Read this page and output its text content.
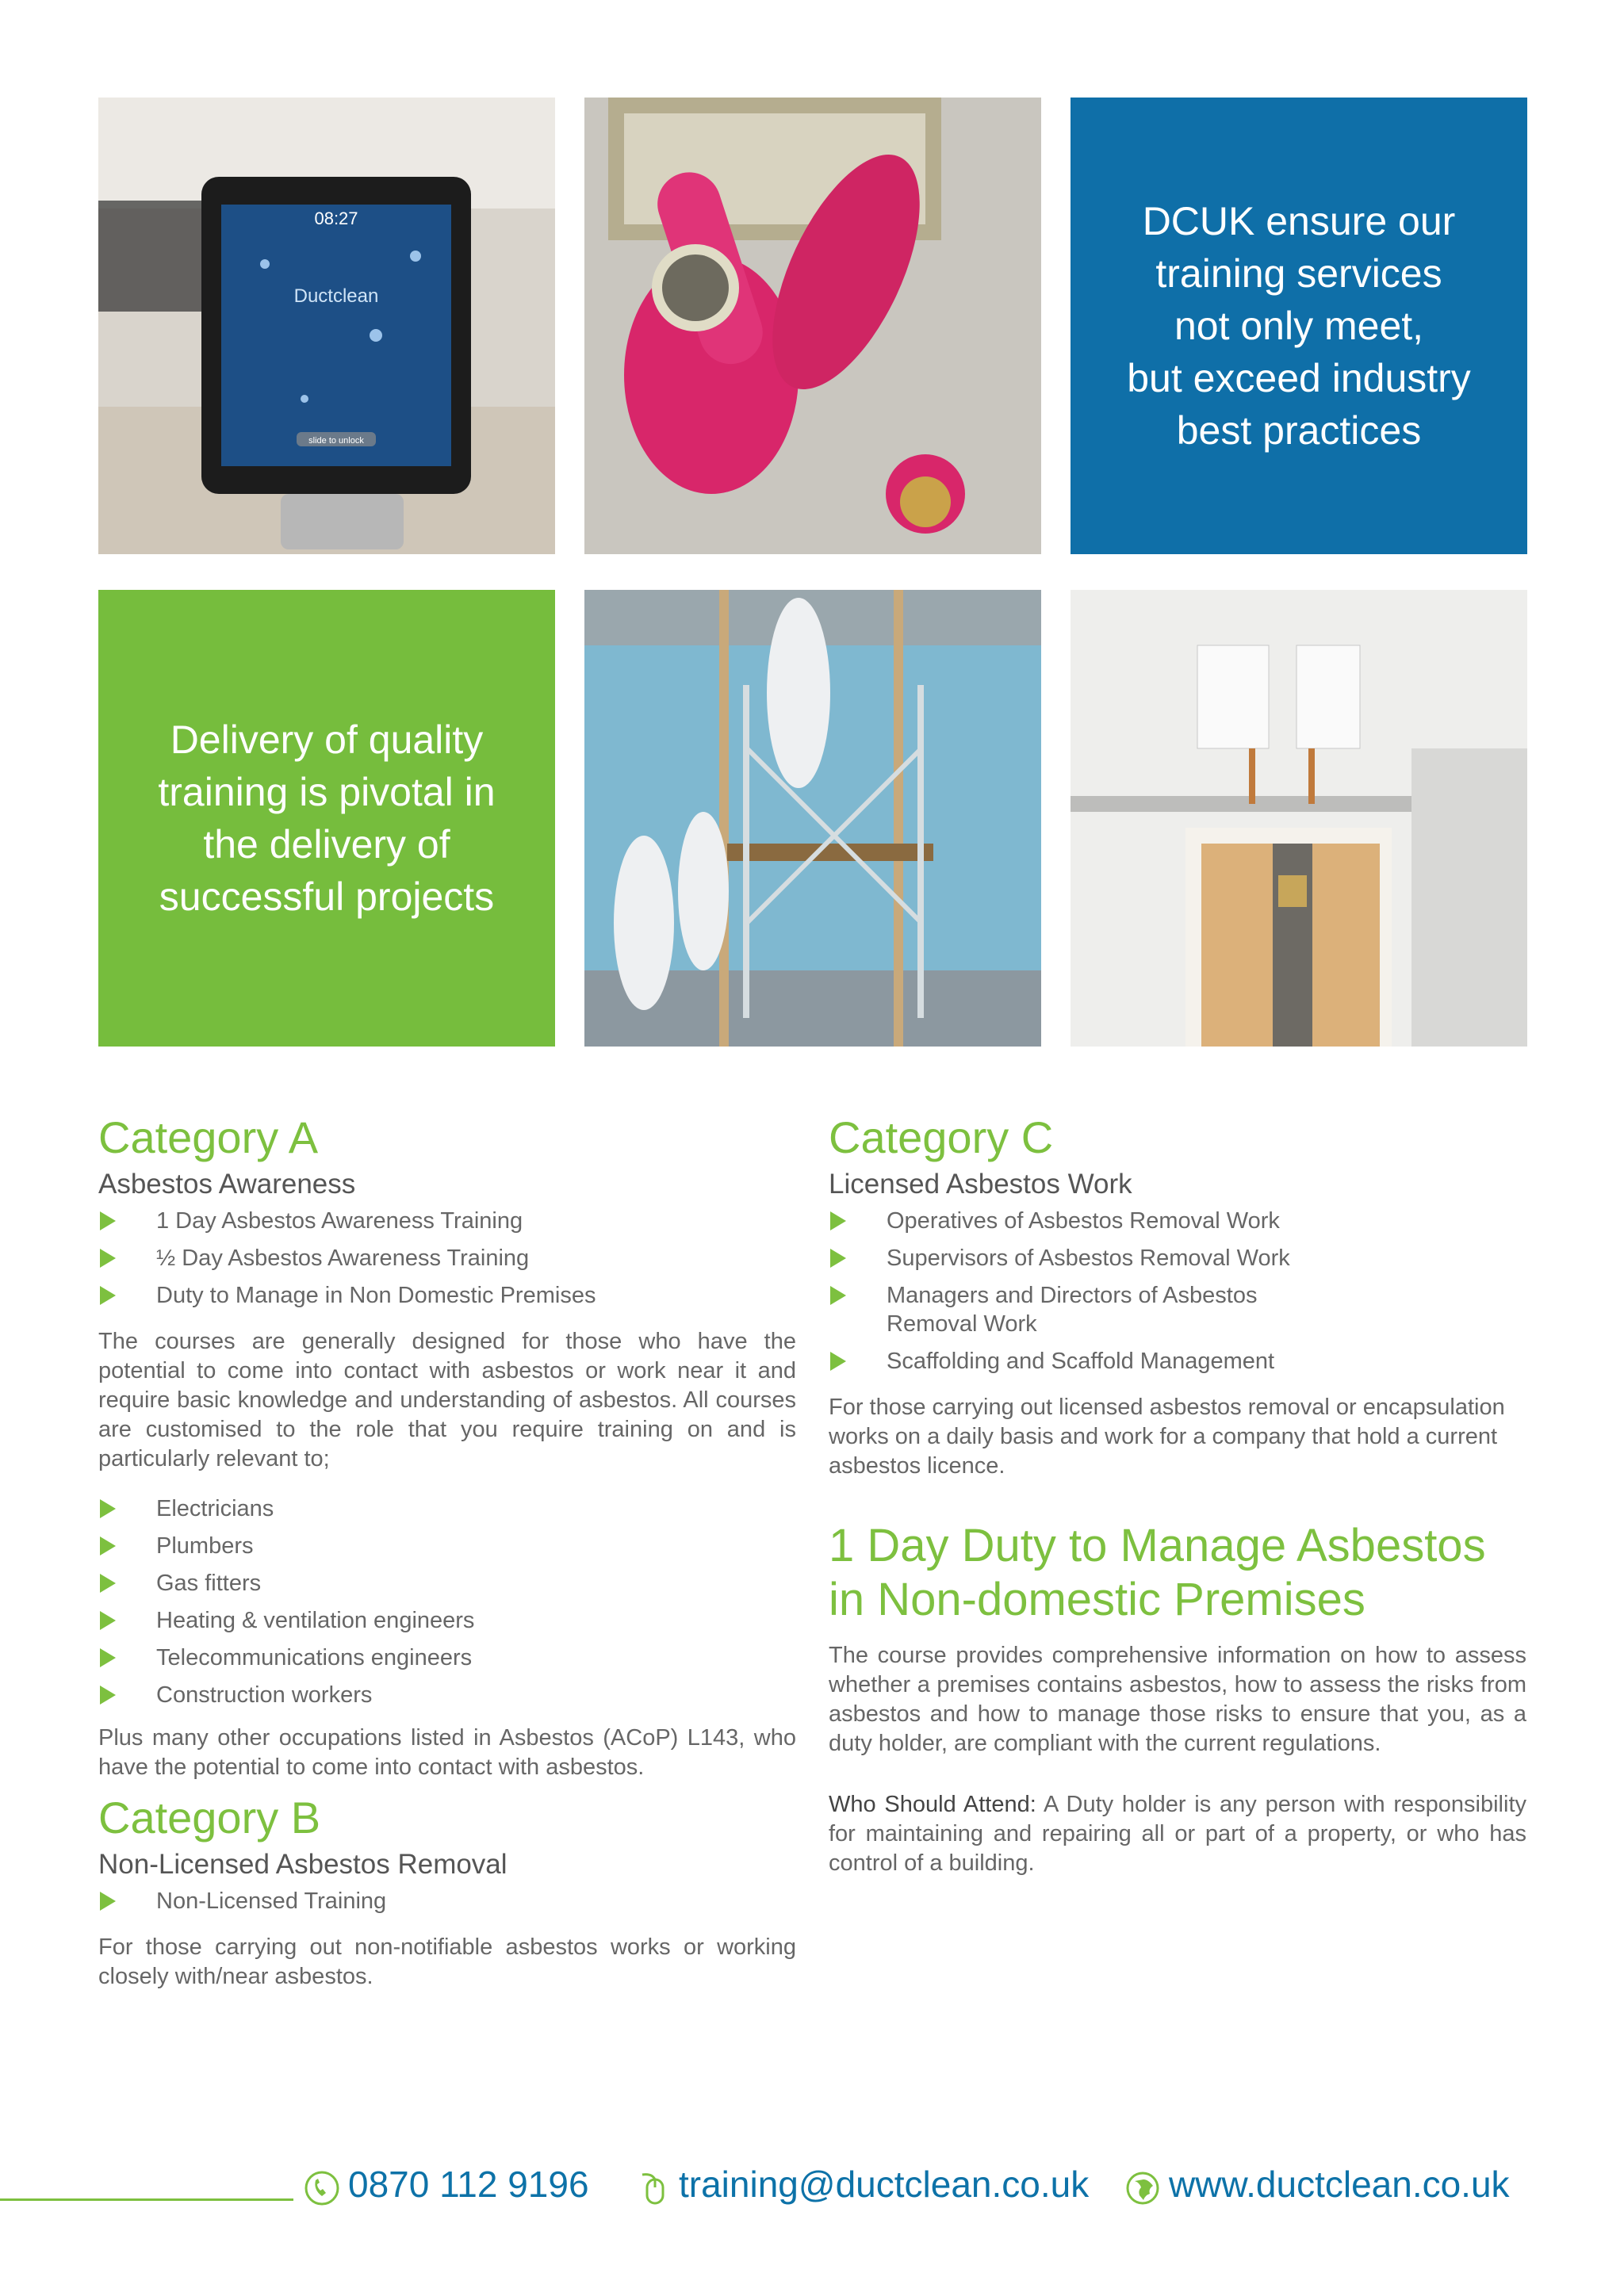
08:27
Ductclean
slide to unlock
DCUK ensure our
training services
not only meet,
but exceed industry
best practices
Delivery of quality
training is pivotal in
the delivery of
successful projects
Category A
Asbestos Awareness
1 Day Asbestos Awareness Training
½ Day Asbestos Awareness Training
Duty to Manage in Non Domestic Premises

The courses are generally designed for those who have the potential to come into contact with asbestos or work near it and require basic knowledge and understanding of asbestos. All courses are customised to the role that you require training on and is particularly relevant to;

Electricians
Plumbers
Gas fitters
Heating & ventilation engineers
Telecommunications engineers
Construction workers

Plus many other occupations listed in Asbestos (ACoP) L143, who have the potential to come into contact with asbestos.

Category B
Non-Licensed Asbestos Removal
Non-Licensed Training

For those carrying out non-notifiable asbestos works or working closely with/near asbestos.

Category C
Licensed Asbestos Work
Operatives of Asbestos Removal Work
Supervisors of Asbestos Removal Work
Managers and Directors of Asbestos Removal Work
Scaffolding and Scaffold Management

For those carrying out licensed asbestos removal or encapsulation works on a daily basis and work for a company that hold a current asbestos licence.

1 Day Duty to Manage Asbestos
in Non-domestic Premises

The course provides comprehensive information on how to assess whether a premises contains asbestos, how to assess the risks from asbestos and how to manage those risks to ensure that you, as a duty holder, are compliant with the current regulations.

Who Should Attend: A Duty holder is any person with responsibility for maintaining and repairing all or part of a property, or who has control of a building.

0870 112 9196 training@ductclean.co.uk www.ductclean.co.uk
